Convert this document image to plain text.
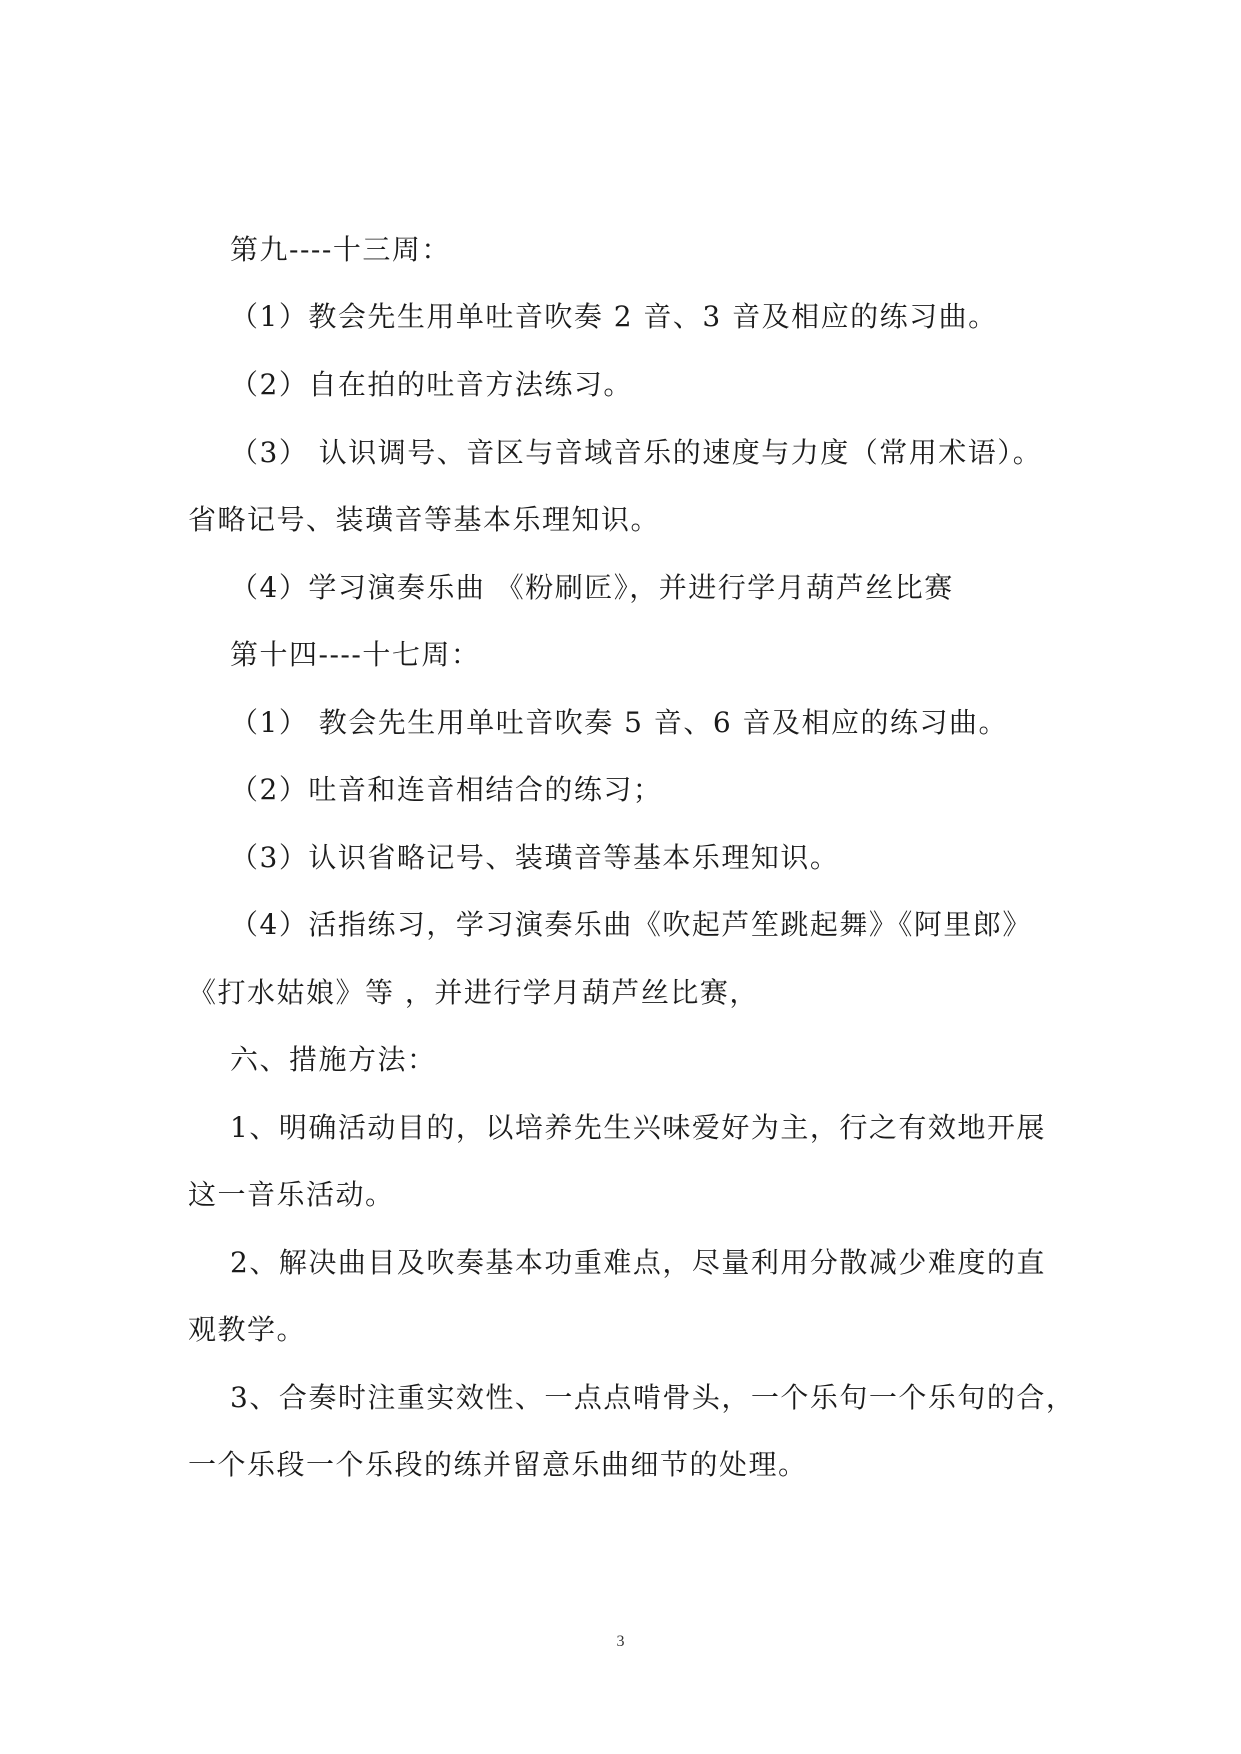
第九----十三周：
（1）教会先生用单吐音吹奏 2 音、3 音及相应的练习曲。
（2）自在拍的吐音方法练习。
（3） 认识调号、音区与音域音乐的速度与力度（常用术语）。
省略记号、装璜音等基本乐理知识。
（4）学习演奏乐曲 《粉刷匠》，并进行学月葫芦丝比赛
第十四----十七周：
（1） 教会先生用单吐音吹奏 5 音、6 音及相应的练习曲。
（2）吐音和连音相结合的练习；
（3）认识省略记号、装璜音等基本乐理知识。
（4）活指练习，学习演奏乐曲《吹起芦笙跳起舞》《阿里郎》
《打水姑娘》等 ，并进行学月葫芦丝比赛，
六、措施方法：
1、明确活动目的，以培养先生兴味爱好为主，行之有效地开展
这一音乐活动。
2、解决曲目及吹奏基本功重难点，尽量利用分散减少难度的直
观教学。
3、合奏时注重实效性、一点点啃骨头，一个乐句一个乐句的合，
一个乐段一个乐段的练并留意乐曲细节的处理。
3
